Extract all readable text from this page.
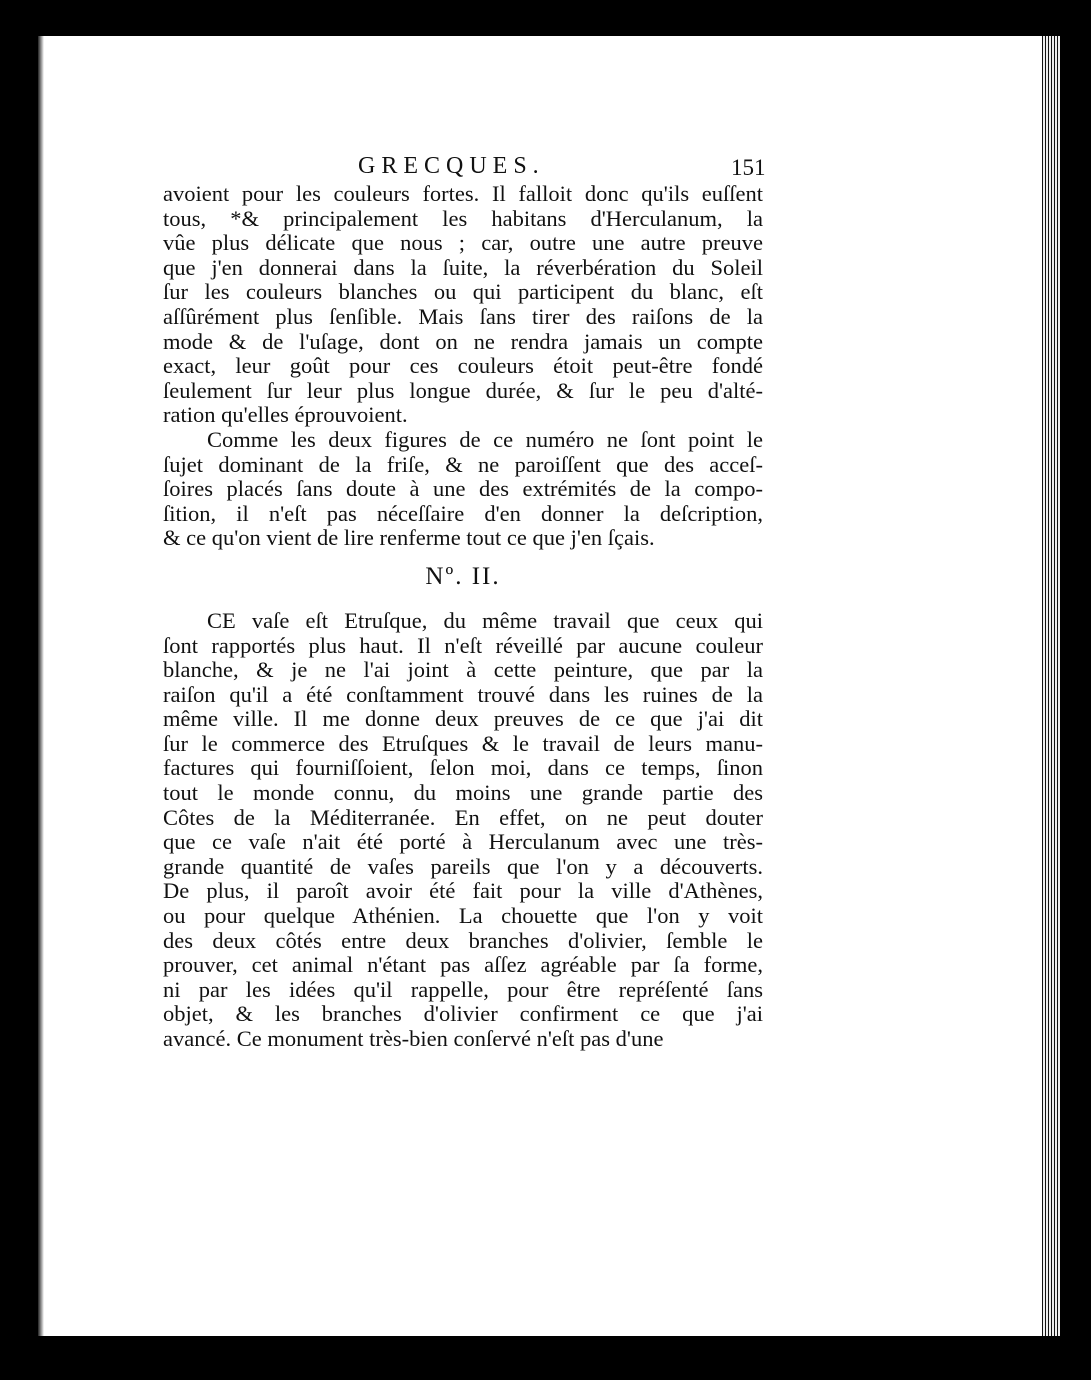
GRECQUES.	151
avoient pour les couleurs fortes. Il falloit donc qu'ils euſſent
tous, *& principalement les habitans d'Herculanum, la
vûe plus délicate que nous ; car, outre une autre preuve
que j'en donnerai dans la ſuite, la réverbération du Soleil
ſur les couleurs blanches ou qui participent du blanc, eſt
aſſûrément plus ſenſible. Mais ſans tirer des raiſons de la
mode & de l'uſage, dont on ne rendra jamais un compte
exact, leur goût pour ces couleurs étoit peut-être fondé
ſeulement ſur leur plus longue durée, & ſur le peu d'alté-
ration qu'elles éprouvoient.
Comme les deux figures de ce numéro ne ſont point le
ſujet dominant de la friſe, & ne paroiſſent que des acceſ-
ſoires placés ſans doute à une des extrémités de la compo-
ſition, il n'eſt pas néceſſaire d'en donner la deſcription,
& ce qu'on vient de lire renferme tout ce que j'en ſçais.
Nº. II.
CE vaſe eſt Etruſque, du même travail que ceux qui
ſont rapportés plus haut. Il n'eſt réveillé par aucune couleur
blanche, & je ne l'ai joint à cette peinture, que par la
raiſon qu'il a été conſtamment trouvé dans les ruines de la
même ville. Il me donne deux preuves de ce que j'ai dit
ſur le commerce des Etruſques & le travail de leurs manu-
factures qui fourniſſoient, ſelon moi, dans ce temps, ſinon
tout le monde connu, du moins une grande partie des
Côtes de la Méditerranée. En effet, on ne peut douter
que ce vaſe n'ait été porté à Herculanum avec une très-
grande quantité de vaſes pareils que l'on y a découverts.
De plus, il paroît avoir été fait pour la ville d'Athènes,
ou pour quelque Athénien. La chouette que l'on y voit
des deux côtés entre deux branches d'olivier, ſemble le
prouver, cet animal n'étant pas aſſez agréable par ſa forme,
ni par les idées qu'il rappelle, pour être repréſenté ſans
objet, & les branches d'olivier confirment ce que j'ai
avancé. Ce monument très-bien conſervé n'eſt pas d'une
